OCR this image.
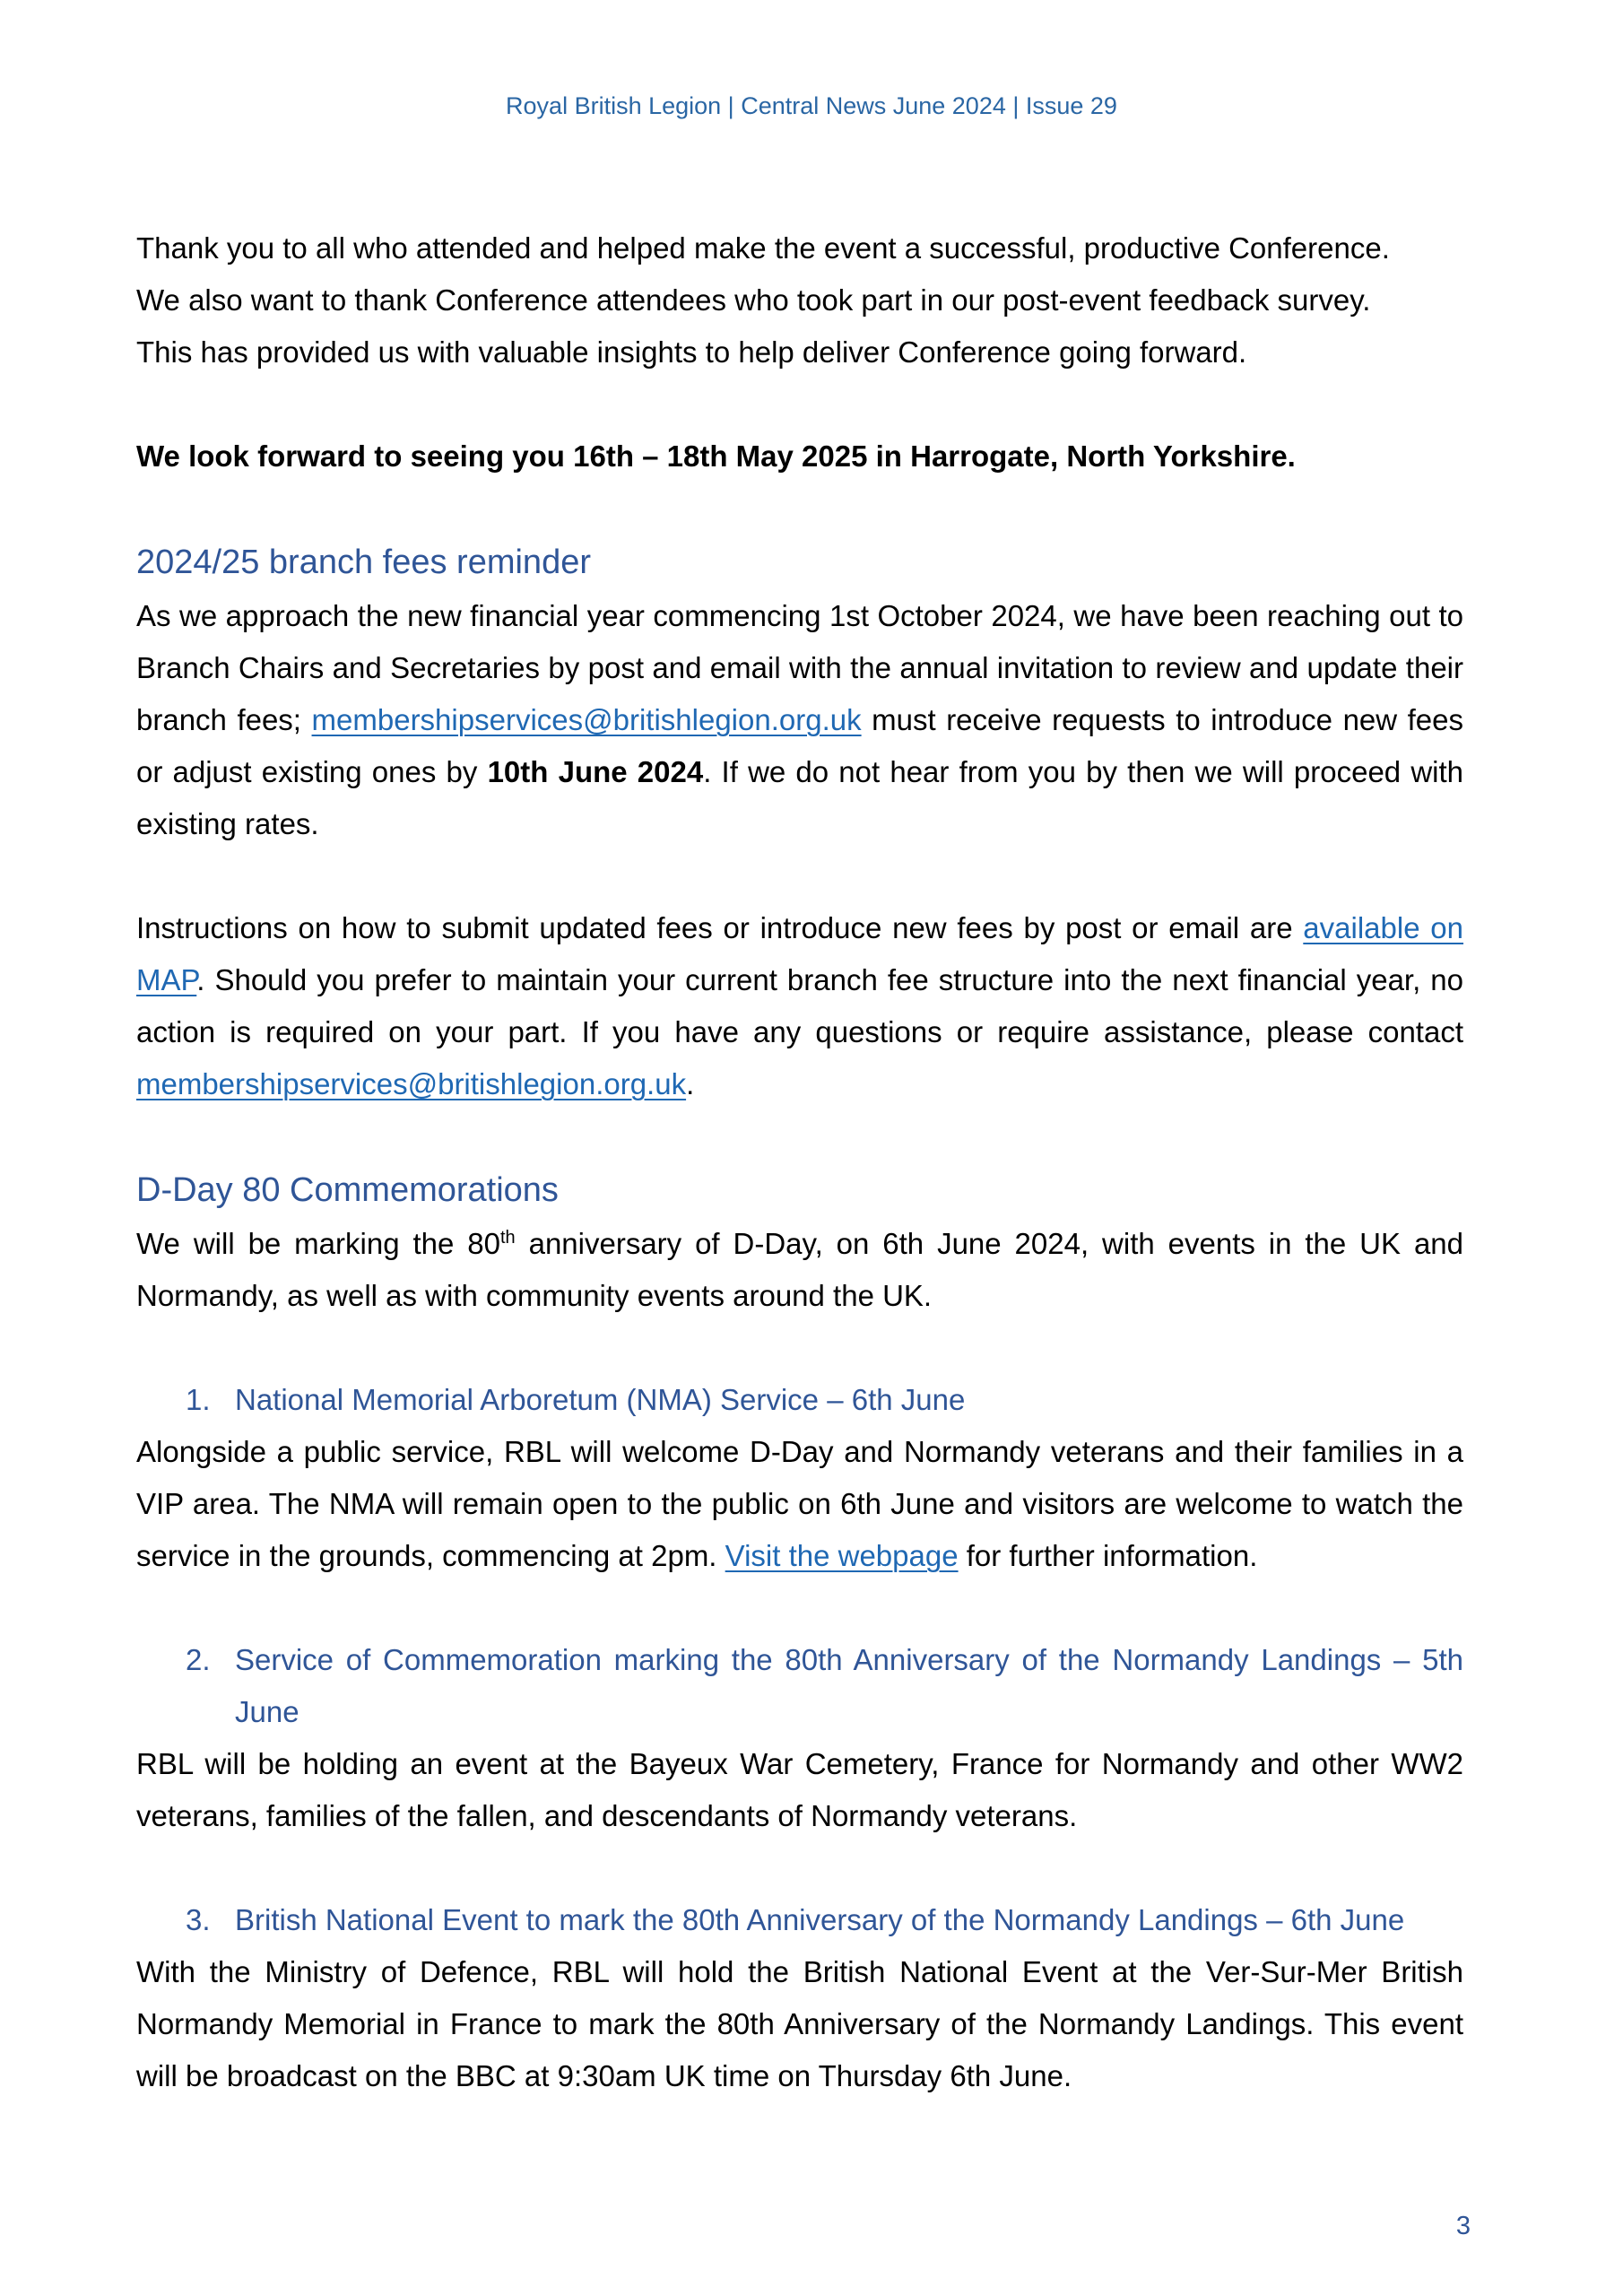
Royal British Legion | Central News June 2024 | Issue 29

Thank you to all who attended and helped make the event a successful, productive Conference.

We also want to thank Conference attendees who took part in our post-event feedback survey.

This has provided us with valuable insights to help deliver Conference going forward.

We look forward to seeing you 16th – 18th May 2025 in Harrogate, North Yorkshire.

2024/25 branch fees reminder

As we approach the new financial year commencing 1st October 2024, we have been reaching out to Branch Chairs and Secretaries by post and email with the annual invitation to review and update their branch fees; membershipservices@britishlegion.org.uk must receive requests to introduce new fees or adjust existing ones by 10th June 2024. If we do not hear from you by then we will proceed with existing rates.

Instructions on how to submit updated fees or introduce new fees by post or email are available on MAP. Should you prefer to maintain your current branch fee structure into the next financial year, no action is required on your part. If you have any questions or require assistance, please contact membershipservices@britishlegion.org.uk.

D-Day 80 Commemorations

We will be marking the 80th anniversary of D-Day, on 6th June 2024, with events in the UK and Normandy, as well as with community events around the UK.

1. National Memorial Arboretum (NMA) Service – 6th June

Alongside a public service, RBL will welcome D-Day and Normandy veterans and their families in a VIP area. The NMA will remain open to the public on 6th June and visitors are welcome to watch the service in the grounds, commencing at 2pm. Visit the webpage for further information.

2. Service of Commemoration marking the 80th Anniversary of the Normandy Landings – 5th June

RBL will be holding an event at the Bayeux War Cemetery, France for Normandy and other WW2 veterans, families of the fallen, and descendants of Normandy veterans.

3. British National Event to mark the 80th Anniversary of the Normandy Landings – 6th June

With the Ministry of Defence, RBL will hold the British National Event at the Ver-Sur-Mer British Normandy Memorial in France to mark the 80th Anniversary of the Normandy Landings. This event will be broadcast on the BBC at 9:30am UK time on Thursday 6th June.

3
